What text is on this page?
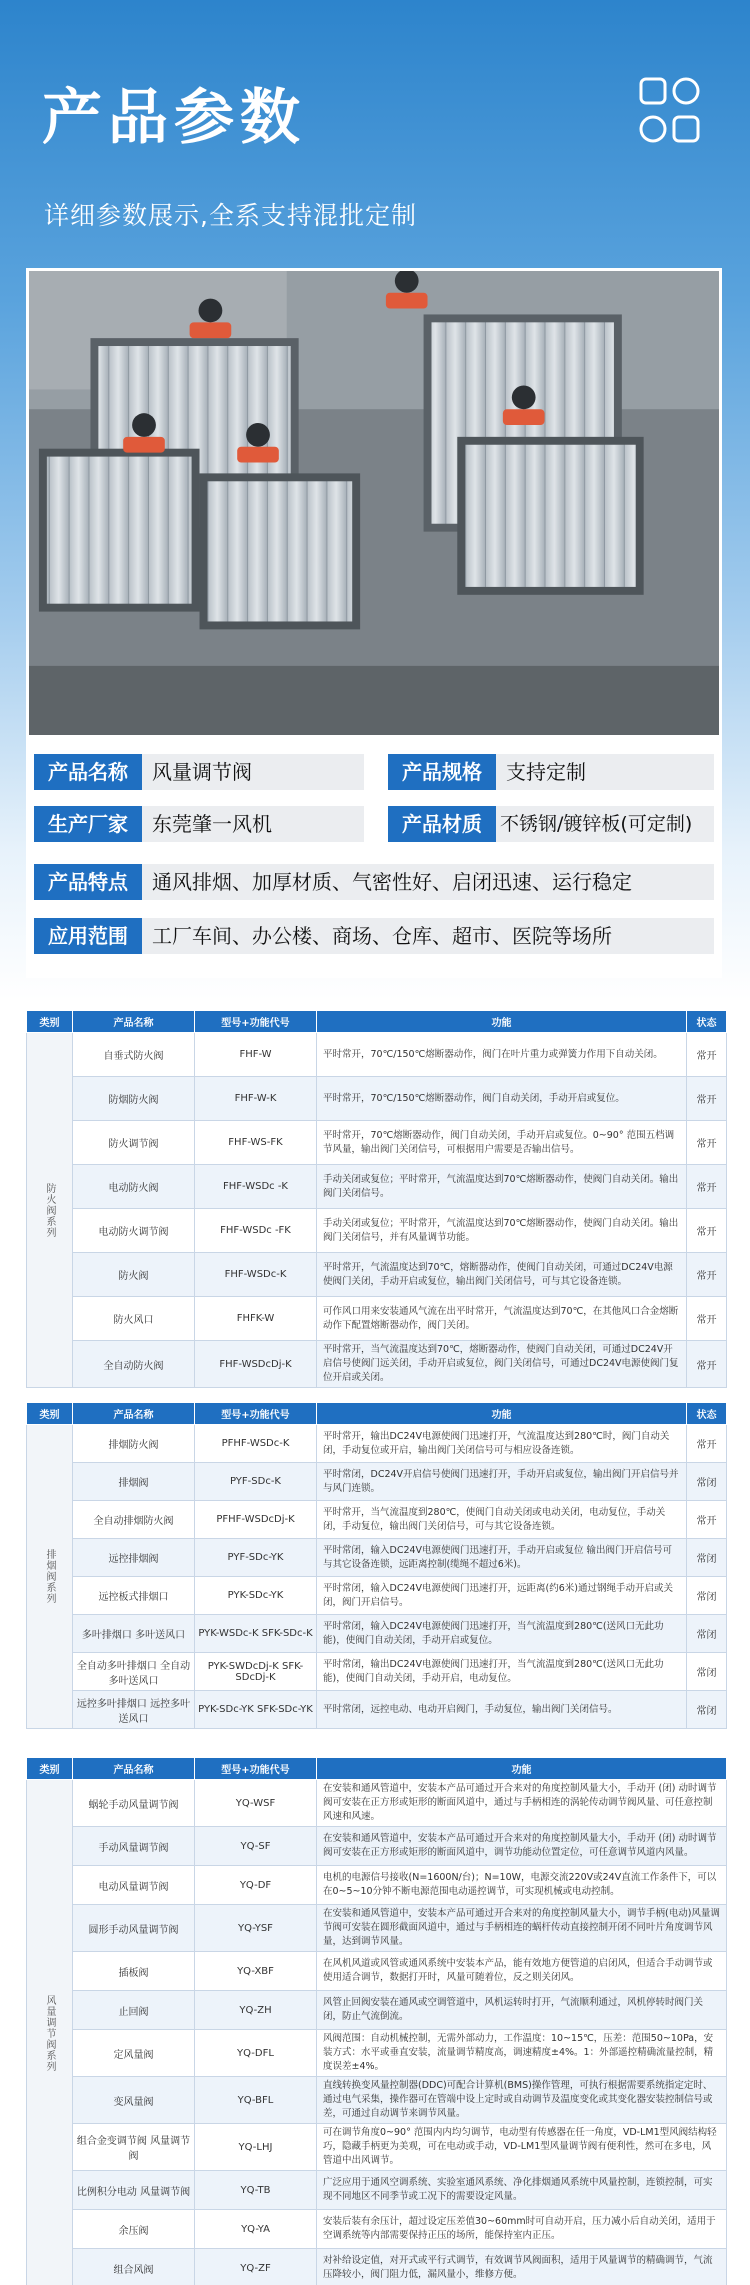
产品参数
详细参数展示,全系支持混批定制
产品名称	风量调节阀	产品规格	支持定制
生产厂家	东莞肇一风机	产品材质 不锈钢/镀锌板(可定制)
产品特点	通风排烟、加厚材质、气密性好、启闭迅速、运行稳定
应用范围	工厂车间、办公楼、商场、仓库、超市、医院等场所
类别	产品名称	型号+功能代号	功能	状态

防火阀系列	自垂式防火阀	FHF-W	平时常开，70℃/150℃熔断器动作，阀门在叶片重力或弹簧力作用下自动关闭。	常开
	防烟防火阀	FHF-W-K	平时常开，70℃/150℃熔断器动作，阀门自动关闭，手动开启或复位。	常开
	防火调节阀	FHF-WS-FK	平时常开，70℃熔断器动作，阀门自动关闭，手动开启或复位。0~90° 范围五档调节风量，输出阀门关闭信号，可根据用户需要是否输出信号。	常开
	电动防火阀	FHF-WSDc -K	手动关闭或复位；平时常开，气流温度达到70℃熔断器动作，使阀门自动关闭。输出阀门关闭信号。	常开
	电动防火调节阀	FHF-WSDc -FK	手动关闭或复位；平时常开，气流温度达到70℃熔断器动作，使阀门自动关闭。输出阀门关闭信号，并有风量调节功能。	常开
	防火阀	FHF-WSDc-K	平时常开，气流温度达到70℃，熔断器动作，使阀门自动关闭，可通过DC24V电源使阀门关闭，手动开启或复位，输出阀门关闭信号，可与其它设备连锁。	常开
	防火风口	FHFK-W	可作风口用来安装通风气流在出平时常开，气流温度达到70℃，在其他风口合金熔断动作下配置熔断器动作，阀门关闭。	常开
	全自动防火阀	FHF-WSDcDj-K	平时常开，当气流温度达到70℃，熔断器动作，使阀门自动关闭，可通过DC24V开启信号使阀门远关闭，手动开启或复位，阀门关闭信号，可通过DC24V电源使阀门复位开启或关闭。	常开
类别	产品名称	型号+功能代号	功能	状态

排烟阀系列	排烟防火阀	PFHF-WSDc-K	平时常开，输出DC24V电源使阀门迅速打开，气流温度达到280℃时，阀门自动关闭，手动复位或开启，输出阀门关闭信号可与相应设备连锁。	常开
	排烟阀	PYF-SDc-K	平时常闭，DC24V开启信号使阀门迅速打开，手动开启或复位，输出阀门开启信号并与风门连锁。	常闭
	全自动排烟防火阀	PFHF-WSDcDj-K	平时常开，当气流温度到280℃，使阀门自动关闭或电动关闭，电动复位，手动关闭，手动复位，输出阀门关闭信号，可与其它设备连锁。	常开
	远控排烟阀	PYF-SDc-YK	平时常闭，输入DC24V电源使阀门迅速打开，手动开启或复位 输出阀门开启信号可与其它设备连锁，远距离控制(缆绳不超过6米)。	常闭
	远控板式排烟口	PYK-SDc-YK	平时常闭，输入DC24V电源使阀门迅速打开，远距离(约6米)通过钢绳手动开启或关闭，阀门开启信号。	常闭
	多叶排烟口 多叶送风口	PYK-WSDc-K SFK-SDc-K	平时常闭，输入DC24V电源使阀门迅速打开，当气流温度到280℃(送风口无此功能)，使阀门自动关闭，手动开启或复位。	常闭
	全自动多叶排烟口 全自动多叶送风口	PYK-SWDcDj-K SFK-SDcDj-K	平时常闭，输出DC24V电源使阀门迅速打开，当气流温度到280℃(送风口无此功能)，使阀门自动关闭，手动开启，电动复位。	常闭
	远控多叶排烟口 远控多叶送风口	PYK-SDc-YK SFK-SDc-YK	平时常闭，远控电动、电动开启阀门，手动复位，输出阀门关闭信号。	常闭
类别	产品名称	型号+功能代号	功能

风量调节阀系列	蜗轮手动风量调节阀	YQ-WSF	在安装和通风管道中，安装本产品可通过开合来对的角度控制风量大小，手动开 (闭) 动时调节阀可安装在正方形或矩形的断面风道中，通过与手柄相连的涡轮传动调节阀风量、可任意控制风速和风速。
	手动风量调节阀	YQ-SF	在安装和通风管道中，安装本产品可通过开合来对的角度控制风量大小，手动开 (闭) 动时调节阀可安装在正方形或矩形的断面风道中，调节功能动位置定位，可任意调节风道内风量。
	电动风量调节阀	YQ-DF	电机的电源信号接收(N=1600N/台)；N=10W，电源交流220V或24V直流工作条件下，可以在0~5~10分钟不断电源范围电动遥控调节，可实现机械或电动控制。
	圆形手动风量调节阀	YQ-YSF	在安装和通风管道中，安装本产品可通过开合来对的角度控制风量大小，调节手柄(电动)风量调节阀可安装在圆形截面风道中，通过与手柄相连的蜗杆传动直接控制开闭不同叶片角度调节风量，达到调节风量。
	插板阀	YQ-XBF	在风机风道或风管或通风系统中安装本产品，能有效地方便管道的启闭风，但适合手动调节或使用适合调节，数据打开时，风量可随着位，反之则关闭风。
	止回阀	YQ-ZH	风管止回阀安装在通风或空调管道中，风机运转时打开，气流顺利通过，风机停转时阀门关闭，防止气流倒流。
	定风量阀	YQ-DFL	风阀范围：自动机械控制，无需外部动力，工作温度：10~15℃，压差：范围50~10Pa，安装方式：水平或垂直安装，流量调节精度高，调速精度±4%。1：外部遥控精确流量控制，精度误差±4%。
	变风量阀	YQ-BFL	直线转换变风量控制器(DDC)可配合计算机(BMS)操作管理，可执行根据需要系统指定定时、通过电气采集，操作器可在管端中设上定时或自动调节及温度变化或其变化器安装控制信号或差，可通过自动调节来调节风量。
	组合金变调节阀 风量调节阀	YQ-LHJ	可在调节角度0~90° 范围内内均匀调节，电动型有传感器在任一角度，VD-LM1型风阀结构轻巧，隐藏手柄更为美观，可在电动或手动，VD-LM1型风量调节阀有便利性，然可在多电，风管道中出风调节。
	比例积分电动 风量调节阀	YQ-TB	广泛应用于通风空调系统、实验室通风系统、净化排烟通风系统中风量控制，连锁控制，可实现不同地区不同季节或工况下的需要设定风量。
	余压阀	YQ-YA	安装后装有余压计，超过设定压差值30~60mm时可自动开启，压力减小后自动关闭，适用于空调系统等内部需要保持正压的场所，能保持室内正压。
	组合风阀	YQ-ZF	对补给设定值，对开式或平行式调节，有效调节风阀面积，适用于风量调节的精确调节，气流压降较小，阀门阻力低，漏风量小，维修方便。
